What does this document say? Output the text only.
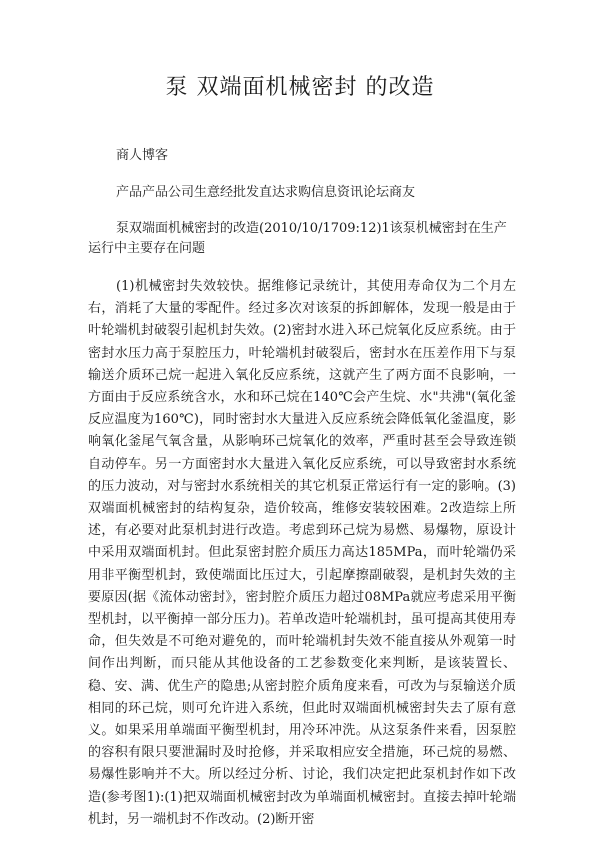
泵 双端面机械密封 的改造

商人博客

产品产品公司生意经批发直达求购信息资讯论坛商友

泵双端面机械密封的改造(2010/10/1709:12)1该泵机械密封在生产运行中主要存在问题

(1)机械密封失效较快。据维修记录统计，其使用寿命仅为二个月左右，消耗了大量的零配件。经过多次对该泵的拆卸解体，发现一般是由于叶轮端机封破裂引起机封失效。(2)密封水进入环己烷氧化反应系统。由于密封水压力高于泵腔压力，叶轮端机封破裂后，密封水在压差作用下与泵输送介质环己烷一起进入氧化反应系统，这就产生了两方面不良影响，一方面由于反应系统含水，水和环己烷在140℃会产生烷、水"共沸"(氧化釜反应温度为160℃)，同时密封水大量进入反应系统会降低氧化釜温度，影响氧化釜尾气氧含量，从影响环己烷氧化的效率，严重时甚至会导致连锁自动停车。另一方面密封水大量进入氧化反应系统，可以导致密封水系统的压力波动，对与密封水系统相关的其它机泵正常运行有一定的影响。(3)双端面机械密封的结构复杂，造价较高，维修安装较困难。2改造综上所述，有必要对此泵机封进行改造。考虑到环己烷为易燃、易爆物，原设计中采用双端面机封。但此泵密封腔介质压力高达185MPa，而叶轮端仍采用非平衡型机封，致使端面比压过大，引起摩擦副破裂，是机封失效的主要原因(据《流体动密封》，密封腔介质压力超过08MPa就应考虑采用平衡型机封，以平衡掉一部分压力)。若单改造叶轮端机封，虽可提高其使用寿命，但失效是不可绝对避免的，而叶轮端机封失效不能直接从外观第一时间作出判断，而只能从其他设备的工艺参数变化来判断，是该装置长、稳、安、满、优生产的隐患;从密封腔介质角度来看，可改为与泵输送介质相同的环己烷，则可允许进入系统，但此时双端面机械密封失去了原有意义。如果采用单端面平衡型机封，用冷环冲洗。从这泵条件来看，因泵腔的容积有限只要泄漏时及时抢修，并采取相应安全措施，环己烷的易燃、易爆性影响并不大。所以经过分析、讨论，我们决定把此泵机封作如下改造(参考图1):(1)把双端面机械密封改为单端面机械密封。直接去掉叶轮端机封，另一端机封不作改动。(2)断开密
